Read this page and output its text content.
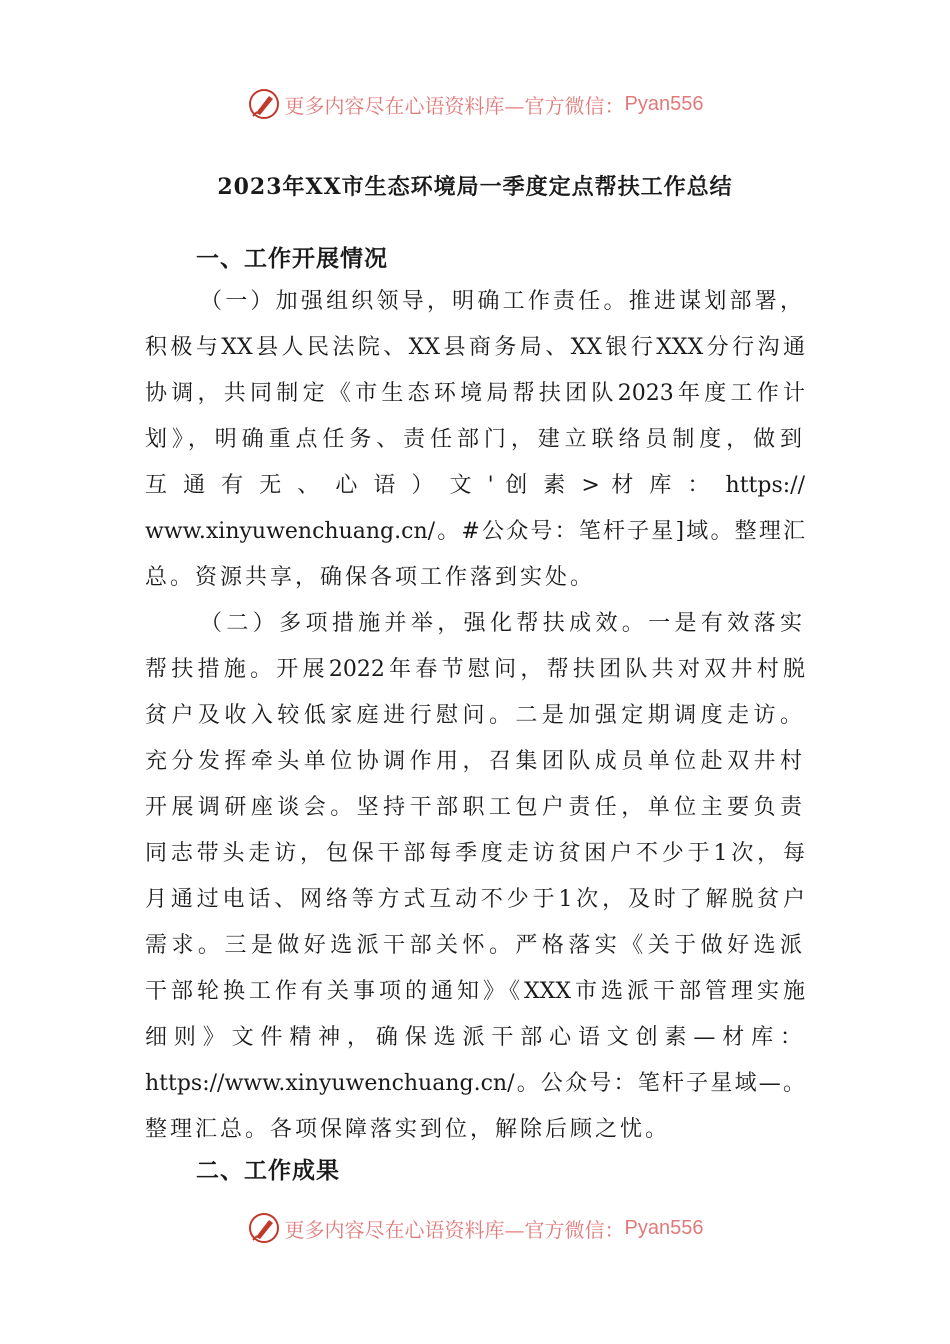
更多内容尽在心语资料库—官方微信： Pyan556
2023年XX市生态环境局一季度定点帮扶工作总结
一、工作开展情况
（一）加强组织领导，明确工作责任。推进谋划部署，
积极与XX县人民法院、XX县商务局、XX银行XXX分行沟通
协调，共同制定《市生态环境局帮扶团队2023年度工作计
划》，明确重点任务、责任部门，建立联络员制度，做到
互 通 有 无 、 心 语 ） 文 ' 创 素 > 材 库 ： https://
www.xinyuwenchuang.cn/。#公众号：笔杆子星]域。整理汇
总。资源共享，确保各项工作落到实处。
（二）多项措施并举，强化帮扶成效。一是有效落实
帮扶措施。开展2022年春节慰问，帮扶团队共对双井村脱
贫户及收入较低家庭进行慰问。二是加强定期调度走访。
充分发挥牵头单位协调作用，召集团队成员单位赴双井村
开展调研座谈会。坚持干部职工包户责任，单位主要负责
同志带头走访，包保干部每季度走访贫困户不少于1次，每
月通过电话、网络等方式互动不少于1次，及时了解脱贫户
需求。三是做好选派干部关怀。严格落实《关于做好选派
干部轮换工作有关事项的通知》《XXX市选派干部管理实施
细则》文件精神，确保选派干部心语文创素—材库：
https://www.xinyuwenchuang.cn/。公众号：笔杆子星域—。
整理汇总。各项保障落实到位，解除后顾之忧。
二、工作成果
更多内容尽在心语资料库—官方微信： Pyan556
